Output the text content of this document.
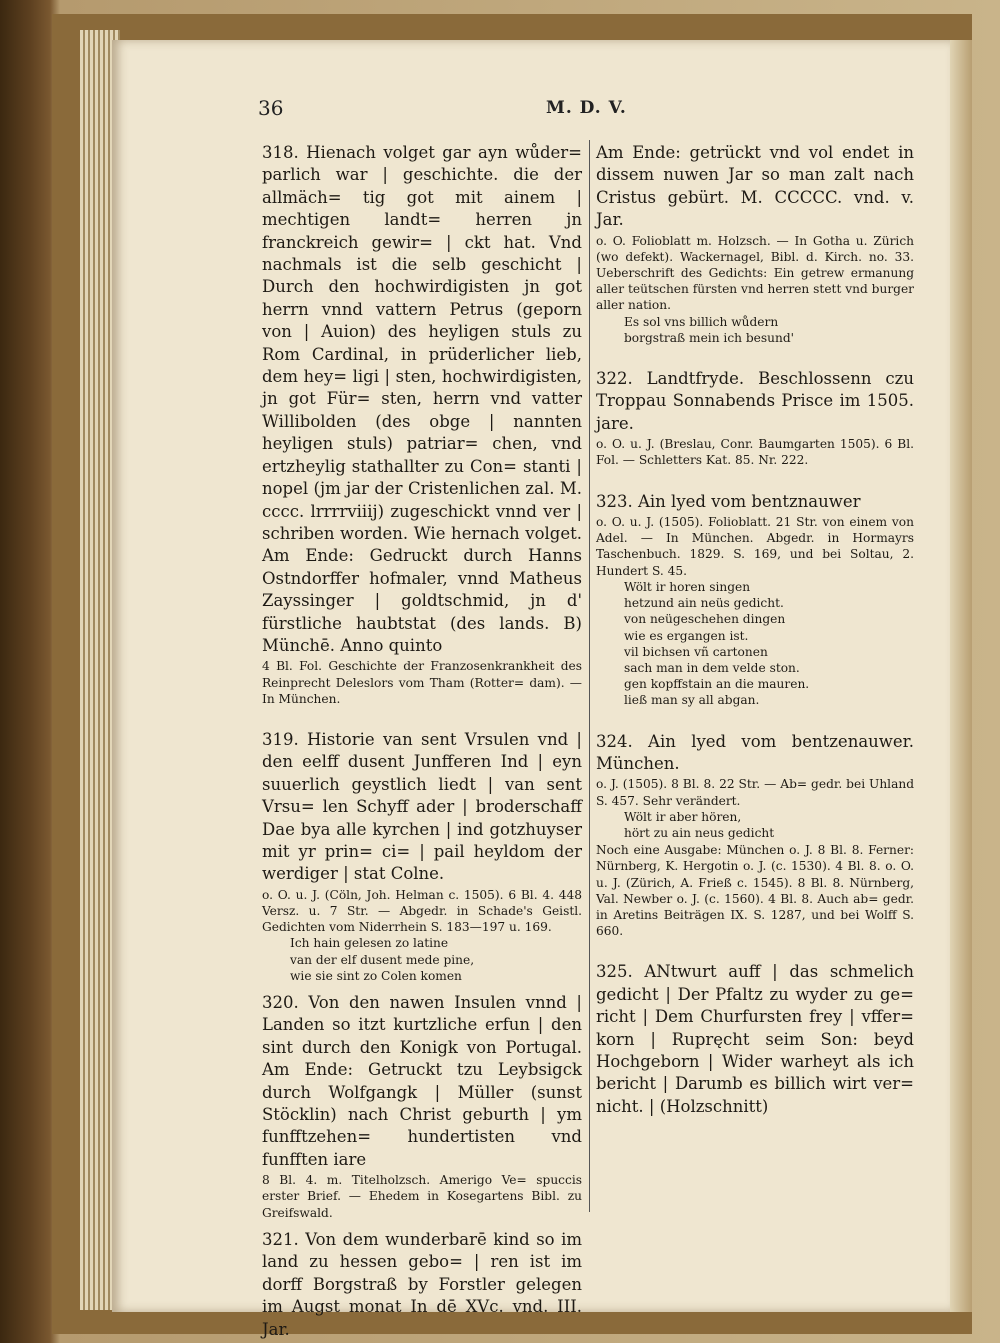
36	M. D. V.
318. Hienach volget gar ayn wůder= parlich war | geschichte. die der allmäch= tig got mit ainem | mechtigen landt= herren jn franckreich gewir= | ckt hat. Vnd nachmals ist die selb geschicht | Durch den hochwirdigisten jn got herrn vnnd vattern Petrus (geporn von | Auion) des heyligen stuls zu Rom Cardinal, in prüderlicher lieb, dem hey= ligi | sten, hochwirdigisten, jn got Für= sten, herrn vnd vatter Willibolden (des obge | nannten heyligen stuls) patriar= chen, vnd ertzheylig stathallter zu Con= stanti | nopel (jm jar der Cristenlichen zal. M. cccc. lrrrrviiij) zugeschickt vnnd ver | schriben worden. Wie hernach volget. Am Ende: Gedruckt durch Hanns Ostndorffer hofmaler, vnnd Matheus Zayssinger | goldtschmid, jn d' fürstliche haubtstat (des lands. B) Münchē. Anno quinto
4 Bl. Fol. Geschichte der Franzosenkrankheit des Reinprecht Deleslors vom Tham (Rotter= dam). — In München.
319. Historie van sent Vrsulen vnd | den eelff dusent Junfferen Ind | eyn suuerlich geystlich liedt | van sent Vrsu= len Schyff ader | broderschaff Dae bya alle kyrchen | ind gotzhuyser mit yr prin= ci= | pail heyldom der werdiger | stat Colne.
o. O. u. J. (Cöln, Joh. Helman c. 1505). 6 Bl. 4. 448 Versz. u. 7 Str. — Abgedr. in Schade's Geistl. Gedichten vom Niderrhein S. 183—197 u. 169.
Ich hain gelesen zo latine
van der elf dusent mede pine,
wie sie sint zo Colen komen
320. Von den nawen Insulen vnnd | Landen so itzt kurtzliche erfun | den sint durch den Konigk von Portugal. Am Ende: Getruckt tzu Leybsigck durch Wolfgangk | Müller (sunst Stöcklin) nach Christ geburth | ym funfftzehen= hundertisten vnd funfften iare
8 Bl. 4. m. Titelholzsch. Amerigo Ve= spuccis erster Brief. — Ehedem in Kosegartens Bibl. zu Greifswald.
321. Von dem wunderbarē kind so im land zu hessen gebo= | ren ist im dorff Borgstraß by Forstler gelegen im Augst monat In dē XVc. vnd. III. Jar.
Am Ende: getrückt vnd vol endet in dissem nuwen Jar so man zalt nach Cristus gebürt. M. CCCCC. vnd. v. Jar.
o. O. Folioblatt m. Holzsch. — In Gotha u. Zürich (wo defekt). Wackernagel, Bibl. d. Kirch. no. 33. Ueberschrift des Gedichts: Ein getrew ermanung aller teütschen fürsten vnd herren stett vnd burger aller nation.
Es sol vns billich wůdern
borgstraß mein ich besund'
322. Landtfryde. Beschlossenn czu Troppau Sonnabends Prisce im 1505. jare.
o. O. u. J. (Breslau, Conr. Baumgarten 1505). 6 Bl. Fol. — Schletters Kat. 85. Nr. 222.
323. Ain lyed vom bentznauwer
o. O. u. J. (1505). Folioblatt. 21 Str. von einem von Adel. — In München. Abgedr. in Hormayrs Taschenbuch. 1829. S. 169, und bei Soltau, 2. Hundert S. 45.
Wölt ir horen singen
hetzund ain neüs gedicht.
von neügeschehen dingen
wie es ergangen ist.
vil bichsen vñ cartonen
sach man in dem velde ston.
gen kopffstain an die mauren.
ließ man sy all abgan.
324. Ain lyed vom bentzenauwer. München.
o. J. (1505). 8 Bl. 8. 22 Str. — Ab= gedr. bei Uhland S. 457. Sehr verändert.
Wölt ir aber hören,
hört zu ain neus gedicht
Noch eine Ausgabe: München o. J. 8 Bl. 8. Ferner: Nürnberg, K. Hergotin o. J. (c. 1530). 4 Bl. 8. o. O. u. J. (Zürich, A. Frieß c. 1545). 8 Bl. 8. Nürnberg, Val. Newber o. J. (c. 1560). 4 Bl. 8. Auch ab= gedr. in Aretins Beiträgen IX. S. 1287, und bei Wolff S. 660.
325. ANtwurt auff | das schmelich gedicht | Der Pfaltz zu wyder zu ge= richt | Dem Churfursten frey | vffer= korn | Rupręcht seim Son: beyd Hochgeborn | Wider warheyt als ich bericht | Darumb es billich wirt ver= nicht. | (Holzschnitt)
